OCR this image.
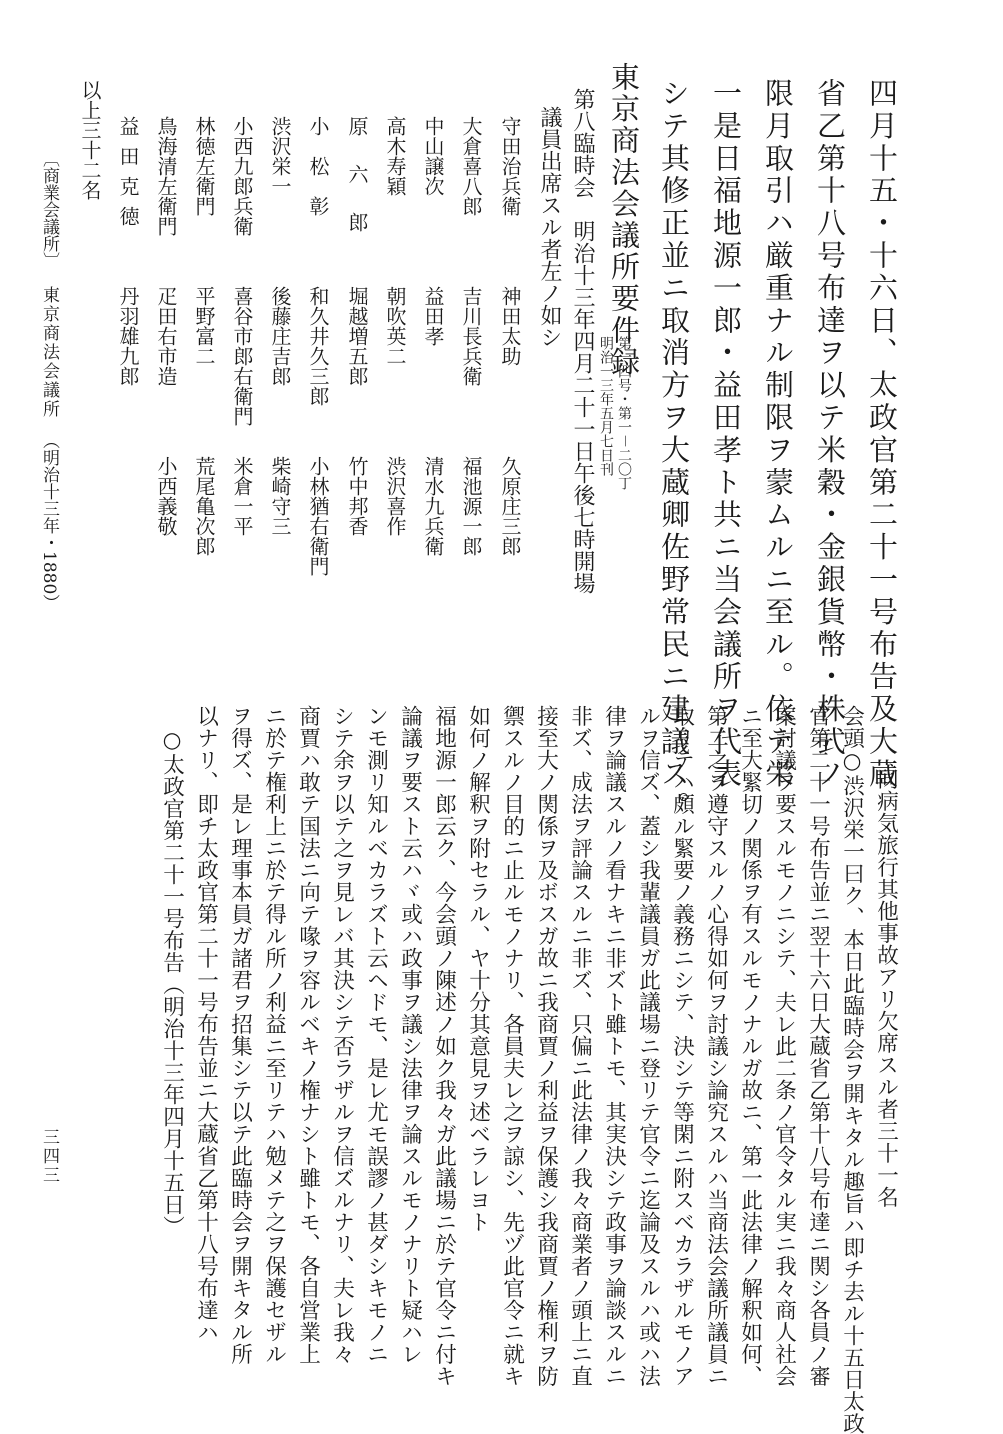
四月十五・十六日、太政官第二十一号布告及大蔵
省乙第十八号布達ヲ以テ米穀・金銀貨幣・株式ノ
限月取引ハ厳重ナル制限ヲ蒙ムルニ至ル。依テ栄
一是日福地源一郎・益田孝ト共ニ当会議所ヲ代表
シテ其修正並ニ取消方ヲ大蔵卿佐野常民ニ建議ス。
東京商法会議所要件録
第一四号・第一－二〇丁
明治一三年五月七日刊
第八臨時会　明治十三年四月二十一日午後七時開場
議員出席スル者左ノ如シ
守田治兵衛
神田太助
久原庄三郎
大倉喜八郎
吉川長兵衛
福池源一郎
中山譲次
益田孝
清水九兵衛
高木寿穎
朝吹英二
渋沢喜作
原六郎
堀越増五郎
竹中邦香
小松彰
和久井久三郎
小林猶右衛門
渋沢栄一
後藤庄吉郎
柴崎守三
小西九郎兵衛
喜谷市郎右衛門
米倉一平
林徳左衛門
平野富二
荒尾亀次郎
鳥海清左衛門
疋田右市造
小西義敬
益田克徳
丹羽雄九郎
以上三十二名
〔商業会議所〕
東京商法会議所
（明治十三年・1880）
同病気旅行其他事故アリ欠席スル者三十一名
会頭○渋沢栄一曰ク、本日此臨時会ヲ開キタル趣旨ハ即チ去ル十五日太政
官第二十一号布告並ニ翌十六日大蔵省乙第十八号布達ニ関シ各員ノ審
案討議ヲ要スルモノニシテ、夫レ此二条ノ官令タル実ニ我々商人社会
ニ至大緊切ノ関係ヲ有スルモノナルガ故ニ、第一此法律ノ解釈如何、
第二之ヲ遵守スルノ心得如何ヲ討議シ論究スルハ当商法会議所議員ニ
取リテハ頗ル緊要ノ義務ニシテ、決シテ等閑ニ附スベカラザルモノア
ルヲ信ズ、蓋シ我輩議員ガ此議場ニ登リテ官令ニ迄論及スルハ或ハ法
律ヲ論議スルノ看ナキニ非ズト雖トモ、其実決シテ政事ヲ論談スルニ
非ズ、成法ヲ評論スルニ非ズ、只偏ニ此法律ノ我々商業者ノ頭上ニ直
接至大ノ関係ヲ及ボスガ故ニ我商賈ノ利益ヲ保護シ我商賈ノ権利ヲ防
禦スルノ目的ニ止ルモノナリ、各員夫レ之ヲ諒シ、先ヅ此官令ニ就キ
如何ノ解釈ヲ附セラル、ヤ十分其意見ヲ述ベラレヨト
福地源一郎云ク、今会頭ノ陳述ノ如ク我々ガ此議場ニ於テ官令ニ付キ
論議ヲ要スト云ハヾ或ハ政事ヲ議シ法律ヲ論スルモノナリト疑ハレ
ンモ測リ知ルベカラズト云ヘドモ、是レ尤モ誤謬ノ甚ダシキモノニ
シテ余ヲ以テ之ヲ見レバ其決シテ否ラザルヲ信ズルナリ、夫レ我々
商賈ハ敢テ国法ニ向テ喙ヲ容ルベキノ権ナシト雖トモ、各自営業上
ニ於テ権利上ニ於テ得ル所ノ利益ニ至リテハ勉メテ之ヲ保護セザル
ヲ得ズ、是レ理事本員ガ諸君ヲ招集シテ以テ此臨時会ヲ開キタル所
以ナリ、即チ太政官第二十一号布告並ニ大蔵省乙第十八号布達ハ
○太政官第二十一号布告（明治十三年四月十五日）
三四三
